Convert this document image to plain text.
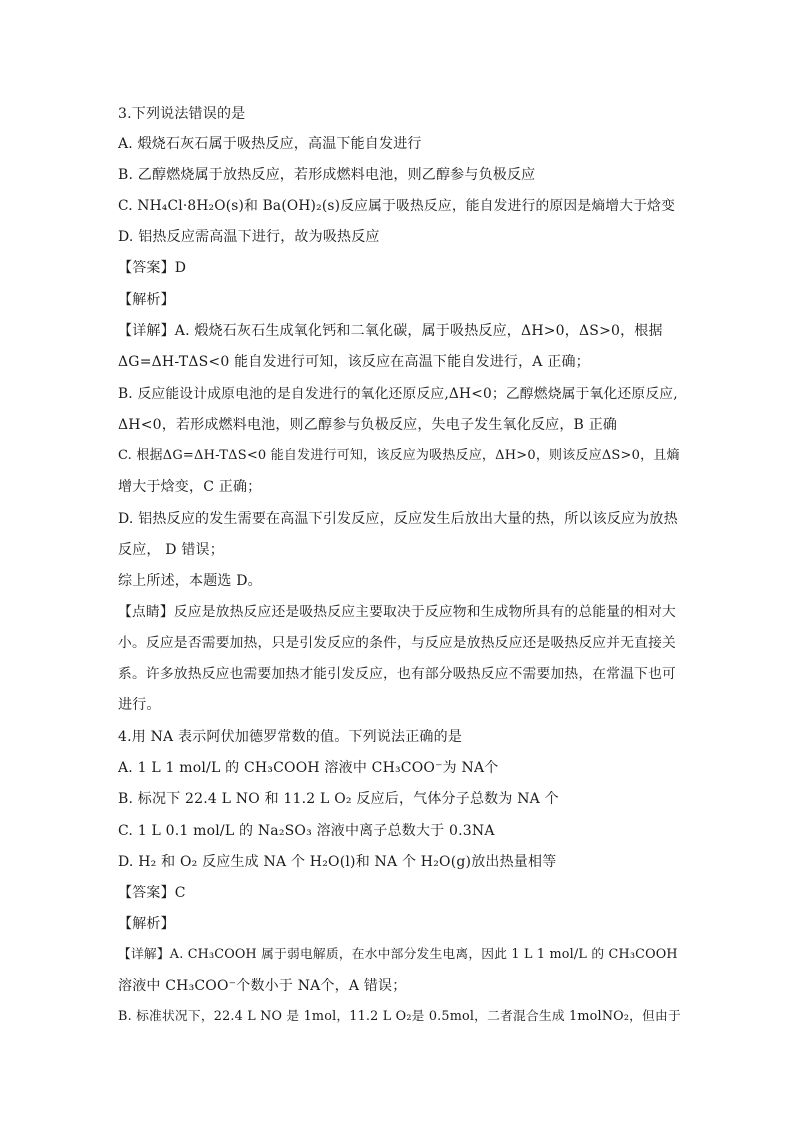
3.下列说法错误的是
A. 煅烧石灰石属于吸热反应，高温下能自发进行
B. 乙醇燃烧属于放热反应，若形成燃料电池，则乙醇参与负极反应
C. NH₄Cl·8H₂O(s)和 Ba(OH)₂(s)反应属于吸热反应，能自发进行的原因是熵增大于焓变
D. 铝热反应需高温下进行，故为吸热反应
【答案】D
【解析】
【详解】A. 煅烧石灰石生成氧化钙和二氧化碳，属于吸热反应，ΔH>0，ΔS>0，根据
ΔG=ΔH-TΔS<0 能自发进行可知，该反应在高温下能自发进行，A 正确；
B. 反应能设计成原电池的是自发进行的氧化还原反应,ΔH<0；乙醇燃烧属于氧化还原反应,
ΔH<0，若形成燃料电池，则乙醇参与负极反应，失电子发生氧化反应，B 正确
C. 根据ΔG=ΔH-TΔS<0 能自发进行可知，该反应为吸热反应，ΔH>0，则该反应ΔS>0，且熵
增大于焓变，C 正确；
D. 铝热反应的发生需要在高温下引发反应，反应发生后放出大量的热，所以该反应为放热
反应， D 错误；
综上所述，本题选 D。
【点睛】反应是放热反应还是吸热反应主要取决于反应物和生成物所具有的总能量的相对大
小。反应是否需要加热，只是引发反应的条件，与反应是放热反应还是吸热反应并无直接关
系。许多放热反应也需要加热才能引发反应，也有部分吸热反应不需要加热，在常温下也可
进行。
4.用 NA 表示阿伏加德罗常数的值。下列说法正确的是
A. 1 L 1 mol/L 的 CH₃COOH 溶液中 CH₃COO⁻为 NA个
B. 标况下 22.4 L NO 和 11.2 L O₂ 反应后，气体分子总数为 NA 个
C. 1 L 0.1 mol/L 的 Na₂SO₃ 溶液中离子总数大于 0.3NA
D. H₂ 和 O₂ 反应生成 NA 个 H₂O(l)和 NA 个 H₂O(g)放出热量相等
【答案】C
【解析】
【详解】A. CH₃COOH 属于弱电解质，在水中部分发生电离，因此 1 L 1 mol/L 的 CH₃COOH
溶液中 CH₃COO⁻个数小于 NA个，A 错误；
B. 标准状况下，22.4 L NO 是 1mol，11.2 L O₂是 0.5mol，二者混合生成 1molNO₂，但由于
